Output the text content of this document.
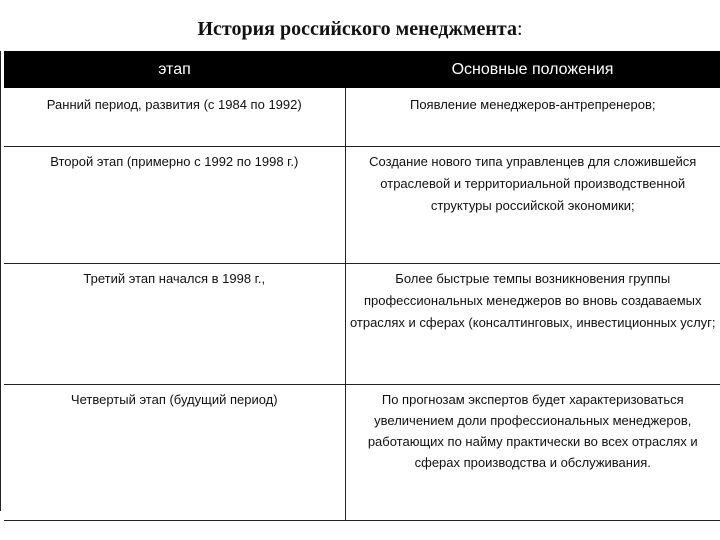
История российского менеджмента:
этап	Основные положения
Ранний период, развития (с 1984 по 1992)	Появление менеджеров-антрепренеров;
Второй этап (примерно с 1992 по 1998 г.)	Создание нового типа управленцев для сложившейся отраслевой и территориальной производственной структуры российской экономики;
Третий этап начался в 1998 г.,	Более быстрые темпы возникновения группы профессиональных менеджеров во вновь создаваемых отраслях и сферах (консалтинговых, инвестиционных услуг;
Четвертый этап (будущий период)	По прогнозам экспертов будет характеризоваться увеличением доли профессиональных менеджеров, работающих по найму практически во всех отраслях и сферах производства и обслуживания.
